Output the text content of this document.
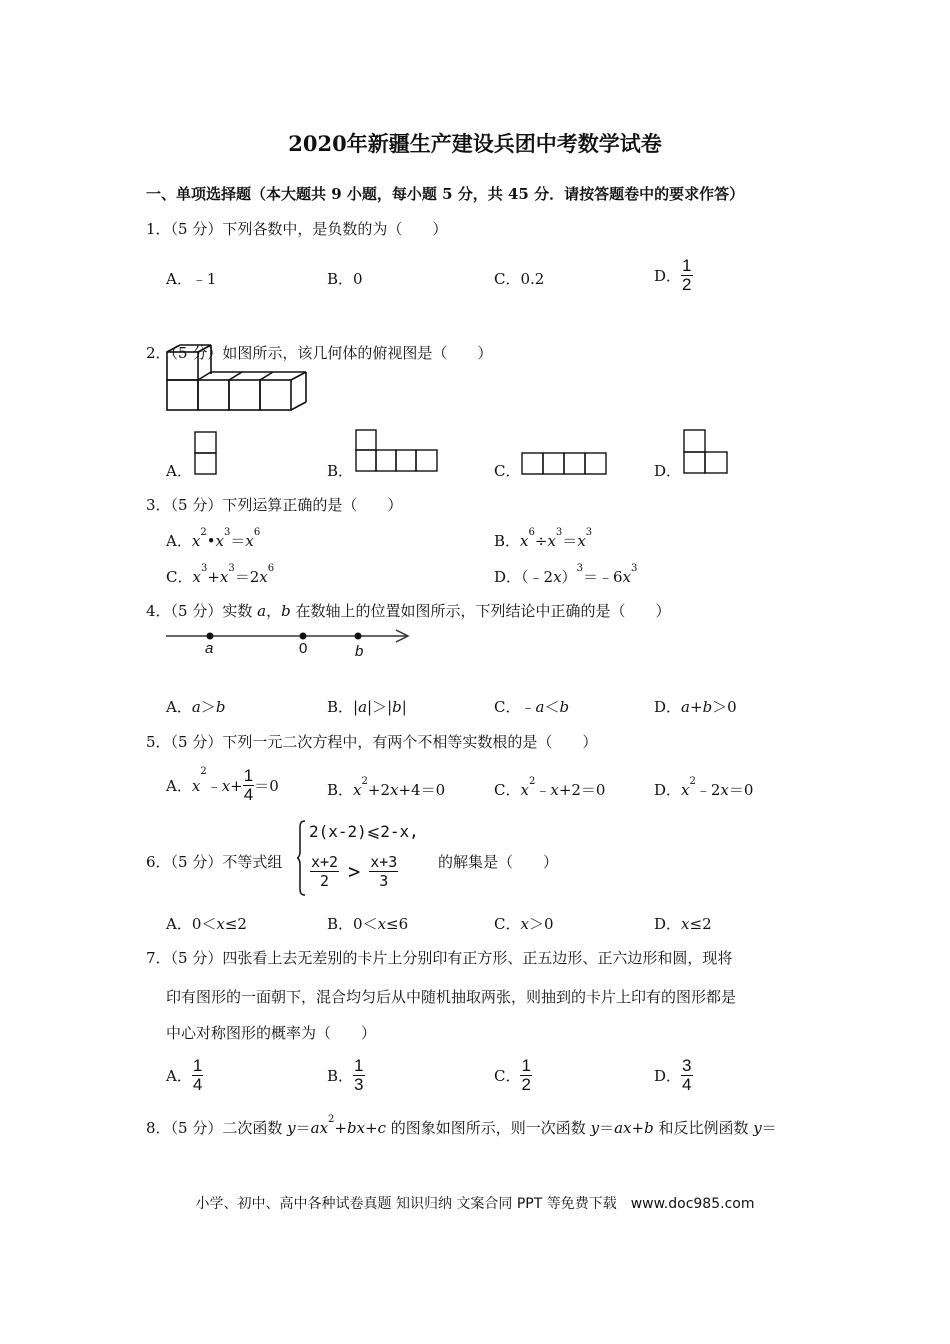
2020年新疆生产建设兵团中考数学试卷
一、单项选择题（本大题共 9 小题，每小题 5 分，共 45 分．请按答题卷中的要求作答）
1．（5 分）下列各数中，是负数的为（　　）
A．﹣1	B．0	C．0.2	D． $\frac{1}{2}$
2．（5 分）如图所示，该几何体的俯视图是（　　）
A．	B．	C．	D．
3．（5 分）下列运算正确的是（　　）
A．$x^2•x^3=x^6$	B．$x^6\div x^3=x^3$
C．$x^3+x^3=2x^6$	D．$(﹣2x)^3=﹣6x^3$
4．（5 分）实数 a，b 在数轴上的位置如图所示，下列结论中正确的是（　　）
a	0	b
A．a＞b	B．|a|＞|b|	C．﹣a＜b	D．a+b＞0
5．（5 分）下列一元二次方程中，有两个不相等实数根的是（　　）
A．$x^2﹣x+ \frac{1}{4} =0$	B．$x^2+2x+4=0$	C．$x^2﹣x+2=0$	D．$x^2﹣2x=0$
6．（5 分）不等式组
2(x-2)⩽2-x,
$\frac{x+2}{2} > \frac{x+3}{3}$	的解集是（　　）
A．0＜x≤2	B．0＜x≤6	C．x＞0	D．x≤2
7．（5 分）四张看上去无差别的卡片上分别印有正方形、正五边形、正六边形和圆，现将
印有图形的一面朝下，混合均匀后从中随机抽取两张，则抽到的卡片上印有的图形都是
中心对称图形的概率为（　　）
A． $\frac{1}{4}$	B． $\frac{1}{3}$	C． $\frac{1}{2}$	D． $\frac{3}{4}$
8．（5 分）二次函数 $y=ax^2+bx+c$ 的图象如图所示，则一次函数 y＝ax+b 和反比例函数 y＝
小学、初中、高中各种试卷真题 知识归纳 文案合同 PPT 等免费下载　www.doc985.com
